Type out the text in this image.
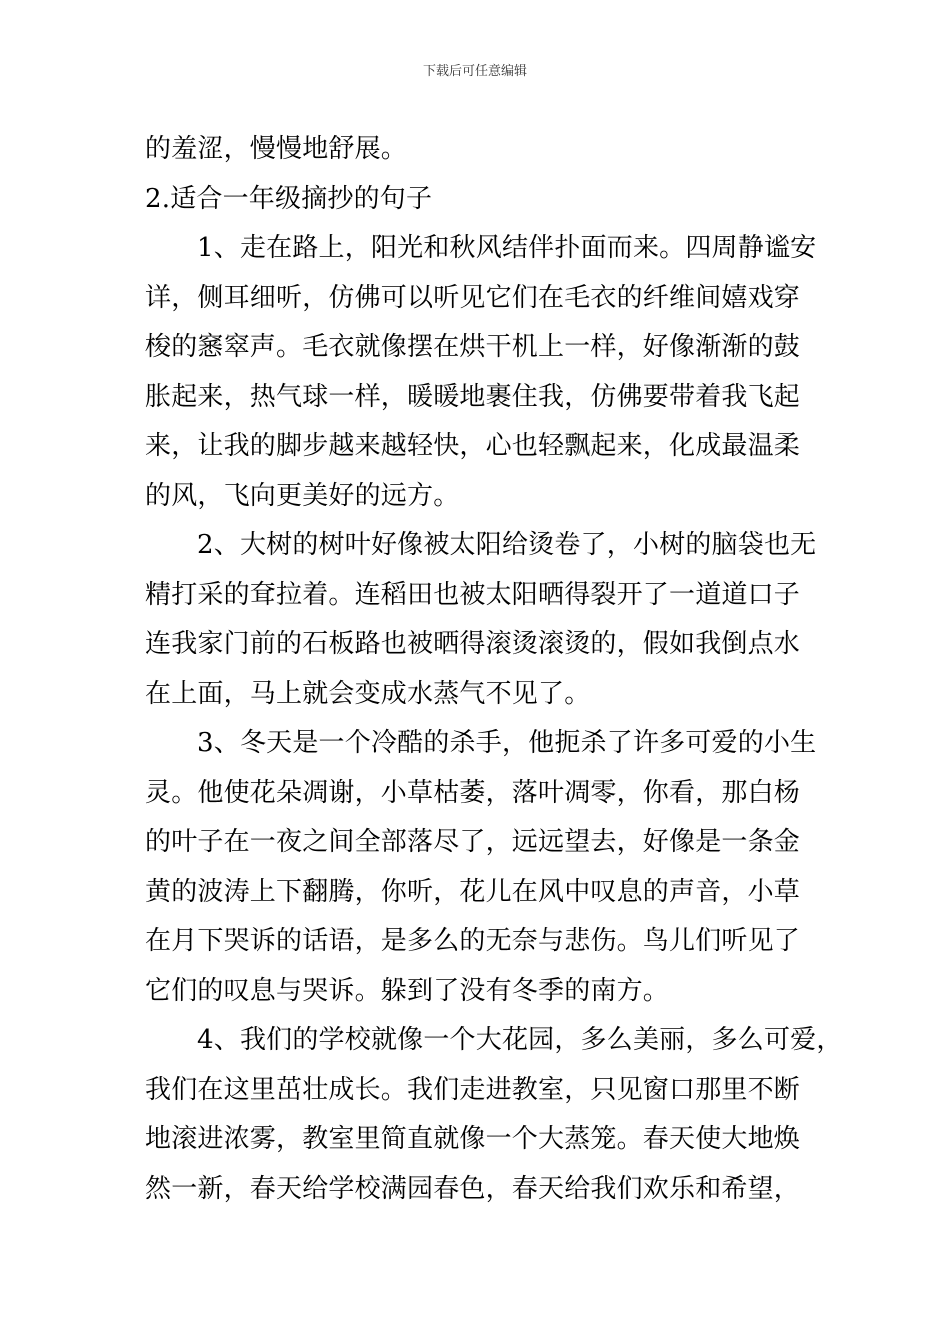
下载后可任意编辑
的羞涩，慢慢地舒展。
2.适合一年级摘抄的句子
1、走在路上，阳光和秋风结伴扑面而来。四周静谧安
详，侧耳细听，仿佛可以听见它们在毛衣的纤维间嬉戏穿
梭的窸窣声。毛衣就像摆在烘干机上一样，好像渐渐的鼓
胀起来，热气球一样，暖暖地裹住我，仿佛要带着我飞起
来，让我的脚步越来越轻快，心也轻飘起来，化成最温柔
的风，飞向更美好的远方。
2、大树的树叶好像被太阳给烫卷了，小树的脑袋也无
精打采的耷拉着。连稻田也被太阳晒得裂开了一道道口子
连我家门前的石板路也被晒得滚烫滚烫的，假如我倒点水
在上面，马上就会变成水蒸气不见了。
3、冬天是一个冷酷的杀手，他扼杀了许多可爱的小生
灵。他使花朵凋谢，小草枯萎，落叶凋零，你看，那白杨
的叶子在一夜之间全部落尽了，远远望去，好像是一条金
黄的波涛上下翻腾，你听，花儿在风中叹息的声音，小草
在月下哭诉的话语，是多么的无奈与悲伤。鸟儿们听见了
它们的叹息与哭诉。躲到了没有冬季的南方。
4、我们的学校就像一个大花园，多么美丽，多么可爱，
我们在这里茁壮成长。我们走进教室，只见窗口那里不断
地滚进浓雾，教室里简直就像一个大蒸笼。春天使大地焕
然一新，春天给学校满园春色，春天给我们欢乐和希望，
